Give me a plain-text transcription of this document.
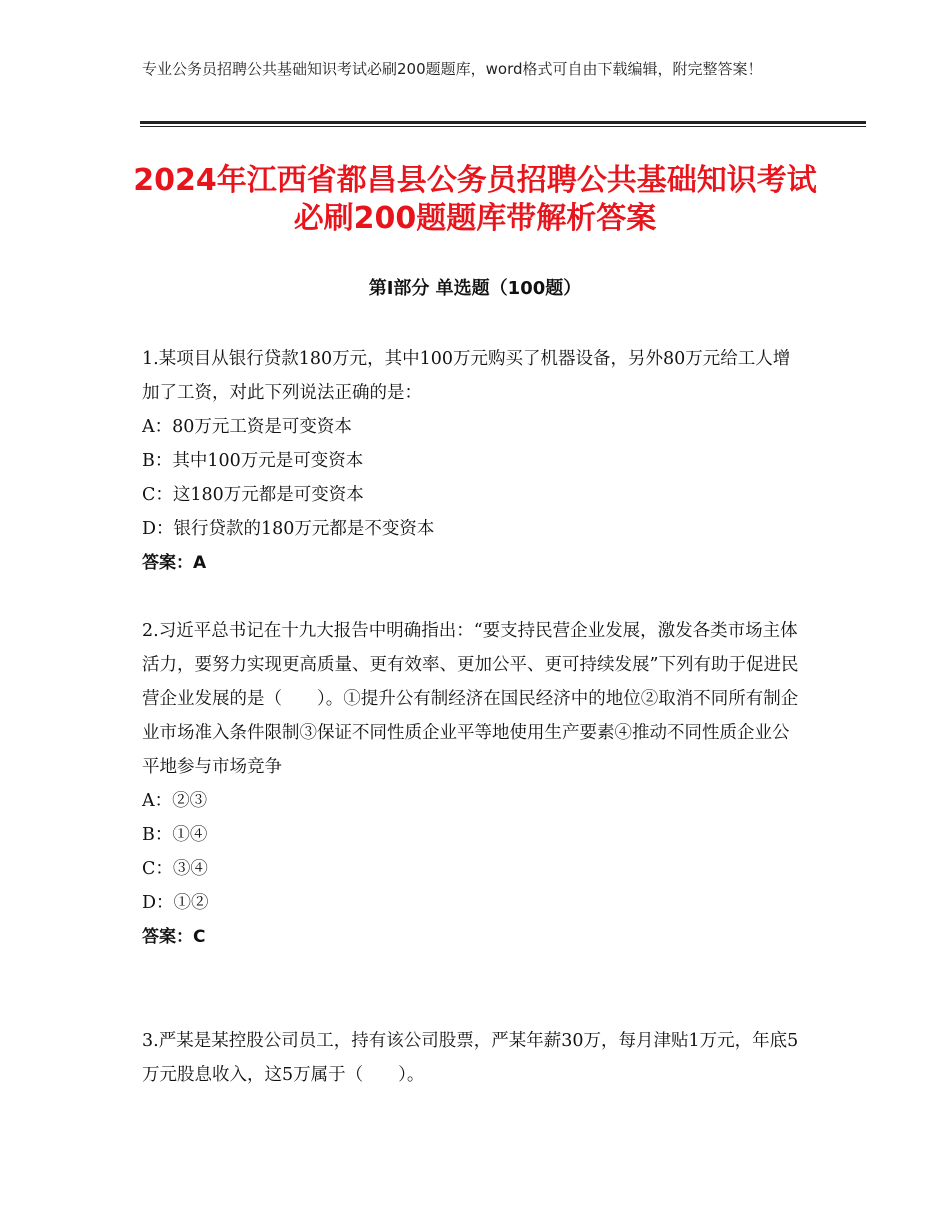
专业公务员招聘公共基础知识考试必刷200题题库，word格式可自由下载编辑，附完整答案！
2024年江西省都昌县公务员招聘公共基础知识考试必刷200题题库带解析答案
第Ⅰ部分 单选题（100题）

1.某项目从银行贷款180万元，其中100万元购买了机器设备，另外80万元给工人增加了工资，对此下列说法正确的是：

A：80万元工资是可变资本

B：其中100万元是可变资本

C：这180万元都是可变资本

D：银行贷款的180万元都是不变资本

答案：A

2.习近平总书记在十九大报告中明确指出：“要支持民营企业发展，激发各类市场主体活力，要努力实现更高质量、更有效率、更加公平、更可持续发展”下列有助于促进民营企业发展的是（　　）。①提升公有制经济在国民经济中的地位②取消不同所有制企业市场准入条件限制③保证不同性质企业平等地使用生产要素④推动不同性质企业公平地参与市场竞争

A：②③

B：①④

C：③④

D：①②

答案：C

3.严某是某控股公司员工，持有该公司股票，严某年薪30万，每月津贴1万元，年底5万元股息收入，这5万属于（　　）。
